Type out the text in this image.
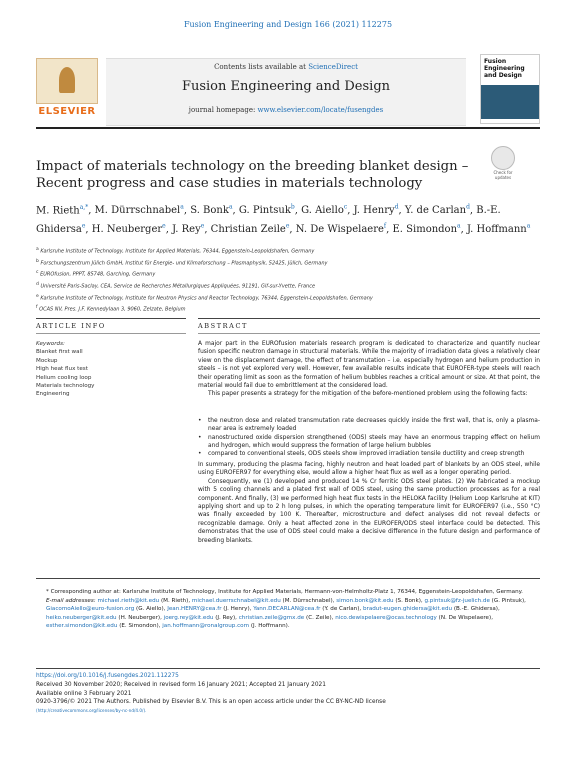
Fusion Engineering and Design 166 (2021) 112275
ELSEVIER
Contents lists available at ScienceDirect
Fusion Engineering and Design
journal homepage: www.elsevier.com/locate/fusengdes
Fusion Engineering and Design
Impact of materials technology on the breeding blanket design – Recent progress and case studies in materials technology
Check for updates
M. Rieth$^{a,*}$, M. Dürrschnabel$^a$, S. Bonk$^a$, G. Pintsuk$^b$, G. Aiello$^c$, J. Henry$^d$, Y. de Carlan$^d$, B.-E. Ghidersa$^e$, H. Neuberger$^e$, J. Rey$^e$, Christian Zeile$^e$, N. De Wispelaere$^f$, E. Simondon$^a$, J. Hoffmann$^a$
$^a$ Karlsruhe Institute of Technology, Institute for Applied Materials, 76344, Eggenstein-Leopoldshafen, Germany
$^b$ Forschungszentrum Jülich GmbH, Institut für Energie- und Klimaforschung – Plasmaphysik, 52425, Jülich, Germany
$^c$ EUROfusion, PPPT, 85748, Garching, Germany
$^d$ Université Paris-Saclay, CEA, Service de Recherches Métallurgiques Appliquées, 91191, Gif-sur-Yvette, France
$^e$ Karlsruhe Institute of Technology, Institute for Neutron Physics and Reactor Technology, 76344, Eggenstein-Leopoldshafen, Germany
$^f$ OCAS NV, Pres. J.F. Kennedylaan 3, 9060, Zelzate, Belgium
ARTICLE INFO	ABSTRACT
Keywords:
Blanket first wall
Mockup
High heat flux test
Helium cooling loop
Materials technology
Engineering

A major part in the EUROfusion materials research program is dedicated to characterize and quantify nuclear fusion specific neutron damage in structural materials. While the majority of irradiation data gives a relatively clear view on the displacement damage, the effect of transmutation – i.e. especially hydrogen and helium production in steels – is not yet explored very well. However, few available results indicate that EUROFER-type steels will reach their operating limit as soon as the formation of helium bubbles reaches a critical amount or size. At that point, the material would fail due to embrittlement at the considered load.

This paper presents a strategy for the mitigation of the before-mentioned problem using the following facts:

• the neutron dose and related transmutation rate decreases quickly inside the first wall, that is, only a plasma-near area is extremely loaded
• nanostructured oxide dispersion strengthened (ODS) steels may have an enormous trapping effect on helium and hydrogen, which would suppress the formation of large helium bubbles
• compared to conventional steels, ODS steels show improved irradiation tensile ductility and creep strength

In summary, producing the plasma facing, highly neutron and heat loaded part of blankets by an ODS steel, while using EUROFER97 for everything else, would allow a higher heat flux as well as a longer operating period.

Consequently, we (1) developed and produced 14 % Cr ferritic ODS steel plates. (2) We fabricated a mockup with 5 cooling channels and a plated first wall of ODS steel, using the same production processes as for a real component. And finally, (3) we performed high heat flux tests in the HELOKA facility (Helium Loop Karlsruhe at KIT) applying short and up to 2 h long pulses, in which the operating temperature limit for EUROFER97 (i.e., 550 °C) was finally exceeded by 100 K. Thereafter, microstructure and defect analyses did not reveal defects or recognizable damage. Only a heat affected zone in the EUROFER/ODS steel interface could be detected. This demonstrates that the use of ODS steel could make a decisive difference in the future design and performance of breeding blankets.

* Corresponding author at: Karlsruhe Institute of Technology, Institute for Applied Materials, Hermann-von-Helmholtz-Platz 1, 76344, Eggenstein-Leopoldshafen, Germany.

E-mail addresses: michael.rieth@kit.edu (M. Rieth), michael.duerrschnabel@kit.edu (M. Dürrschnabel), simon.bonk@kit.edu (S. Bonk), g.pintsuk@fz-juelich.de (G. Pintsuk), GiacomoAiello@euro-fusion.org (G. Aiello), Jean.HENRY@cea.fr (J. Henry), Yann.DECARLAN@cea.fr (Y. de Carlan), bradut-eugen.ghidersa@kit.edu (B.-E. Ghidersa), heiko.neuberger@kit.edu (H. Neuberger), joerg.rey@kit.edu (J. Rey), christian.zeile@gmx.de (C. Zeile), nico.dewispelaere@ocas.technology (N. De Wispelaere), esther.simondon@kit.edu (E. Simondon), jan.hoffmann@ronalgroup.com (J. Hoffmann).

https://doi.org/10.1016/j.fusengdes.2021.112275

Received 30 November 2020; Received in revised form 16 January 2021; Accepted 21 January 2021

Available online 3 February 2021

0920-3796/© 2021 The Authors. Published by Elsevier B.V. This is an open access article under the CC BY-NC-ND license

(http://creativecommons.org/licenses/by-nc-nd/4.0/).
